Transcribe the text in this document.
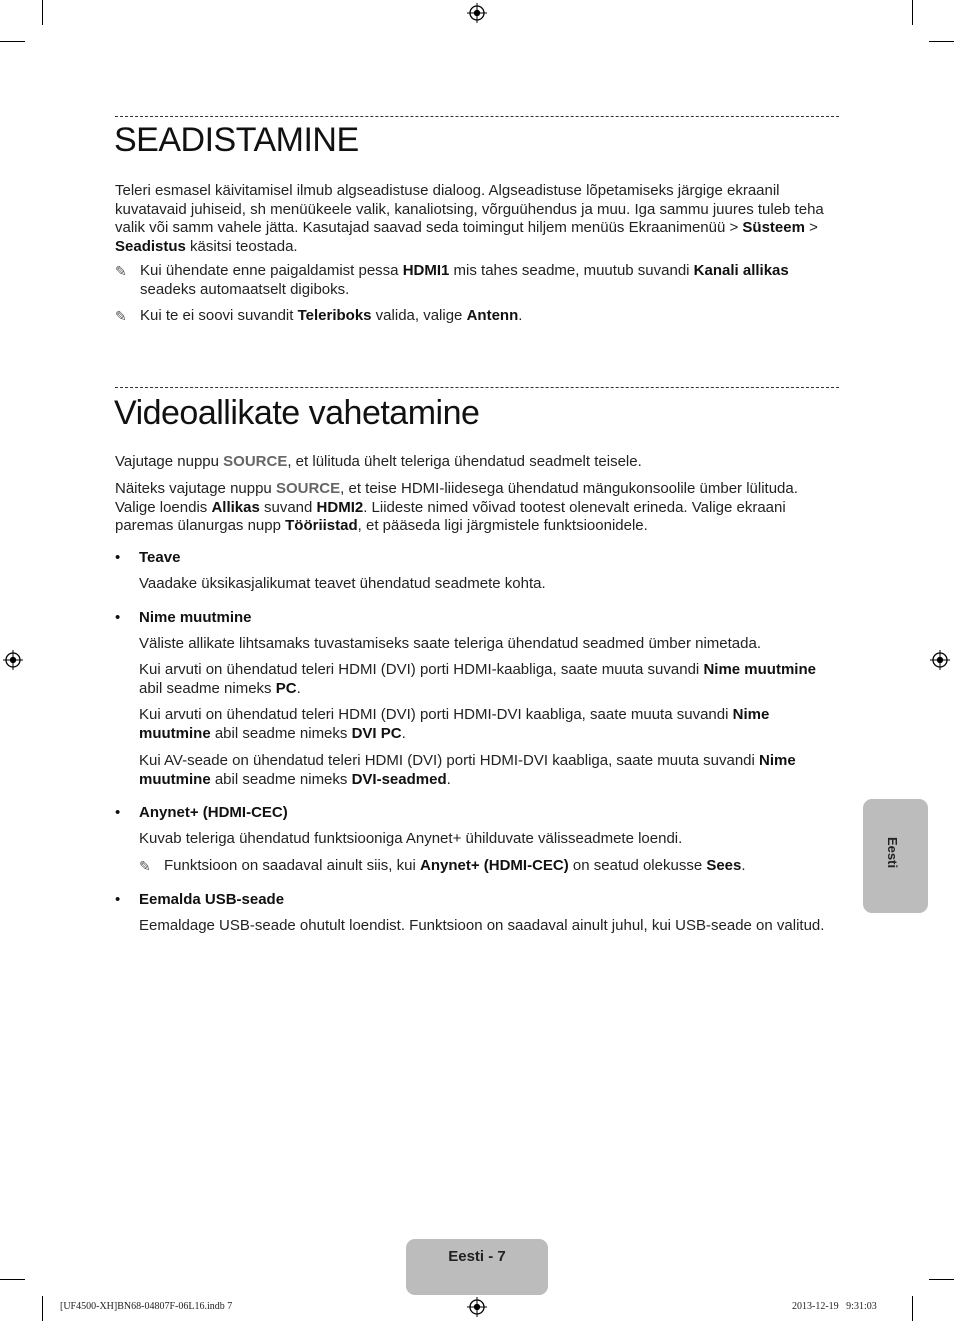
SEADISTAMINE

Teleri esmasel käivitamisel ilmub algseadistuse dialoog. Algseadistuse lõpetamiseks järgige ekraanil kuvatavaid juhiseid, sh menüükeele valik, kanaliotsing, võrguühendus ja muu. Iga sammu juures tuleb teha valik või samm vahele jätta. Kasutajad saavad seda toimingut hiljem menüüs Ekraanimenüü > Süsteem > Seadistus käsitsi teostada.

✎ Kui ühendate enne paigaldamist pessa HDMI1 mis tahes seadme, muutub suvandi Kanali allikas seadeks automaatselt digiboks.
✎ Kui te ei soovi suvandit Teleriboks valida, valige Antenn.
Videoallikate vahetamine

Vajutage nuppu SOURCE, et lülituda ühelt teleriga ühendatud seadmelt teisele.

Näiteks vajutage nuppu SOURCE, et teise HDMI-liidesega ühendatud mängukonsoolile ümber lülituda. Valige loendis Allikas suvand HDMI2. Liideste nimed võivad tootest olenevalt erineda. Valige ekraani paremas ülanurgas nupp Tööriistad, et pääseda ligi järgmistele funktsioonidele.

• Teave

Vaadake üksikasjalikumat teavet ühendatud seadmete kohta.

• Nime muutmine

Väliste allikate lihtsamaks tuvastamiseks saate teleriga ühendatud seadmed ümber nimetada.

Kui arvuti on ühendatud teleri HDMI (DVI) porti HDMI-kaabliga, saate muuta suvandi Nime muutmine abil seadme nimeks PC.

Kui arvuti on ühendatud teleri HDMI (DVI) porti HDMI-DVI kaabliga, saate muuta suvandi Nime muutmine abil seadme nimeks DVI PC.

Kui AV-seade on ühendatud teleri HDMI (DVI) porti HDMI-DVI kaabliga, saate muuta suvandi Nime muutmine abil seadme nimeks DVI-seadmed.

• Anynet+ (HDMI-CEC)

Kuvab teleriga ühendatud funktsiooniga Anynet+ ühilduvate välisseadmete loendi.

✎ Funktsioon on saadaval ainult siis, kui Anynet+ (HDMI-CEC) on seatud olekusse Sees.
• Eemalda USB-seade

Eemaldage USB-seade ohutult loendist. Funktsioon on saadaval ainult juhul, kui USB-seade on valitud.

Eesti
Eesti - 7
[UF4500-XH]BN68-04807F-06L16.indb 7	2013-12-19   9:31:03
